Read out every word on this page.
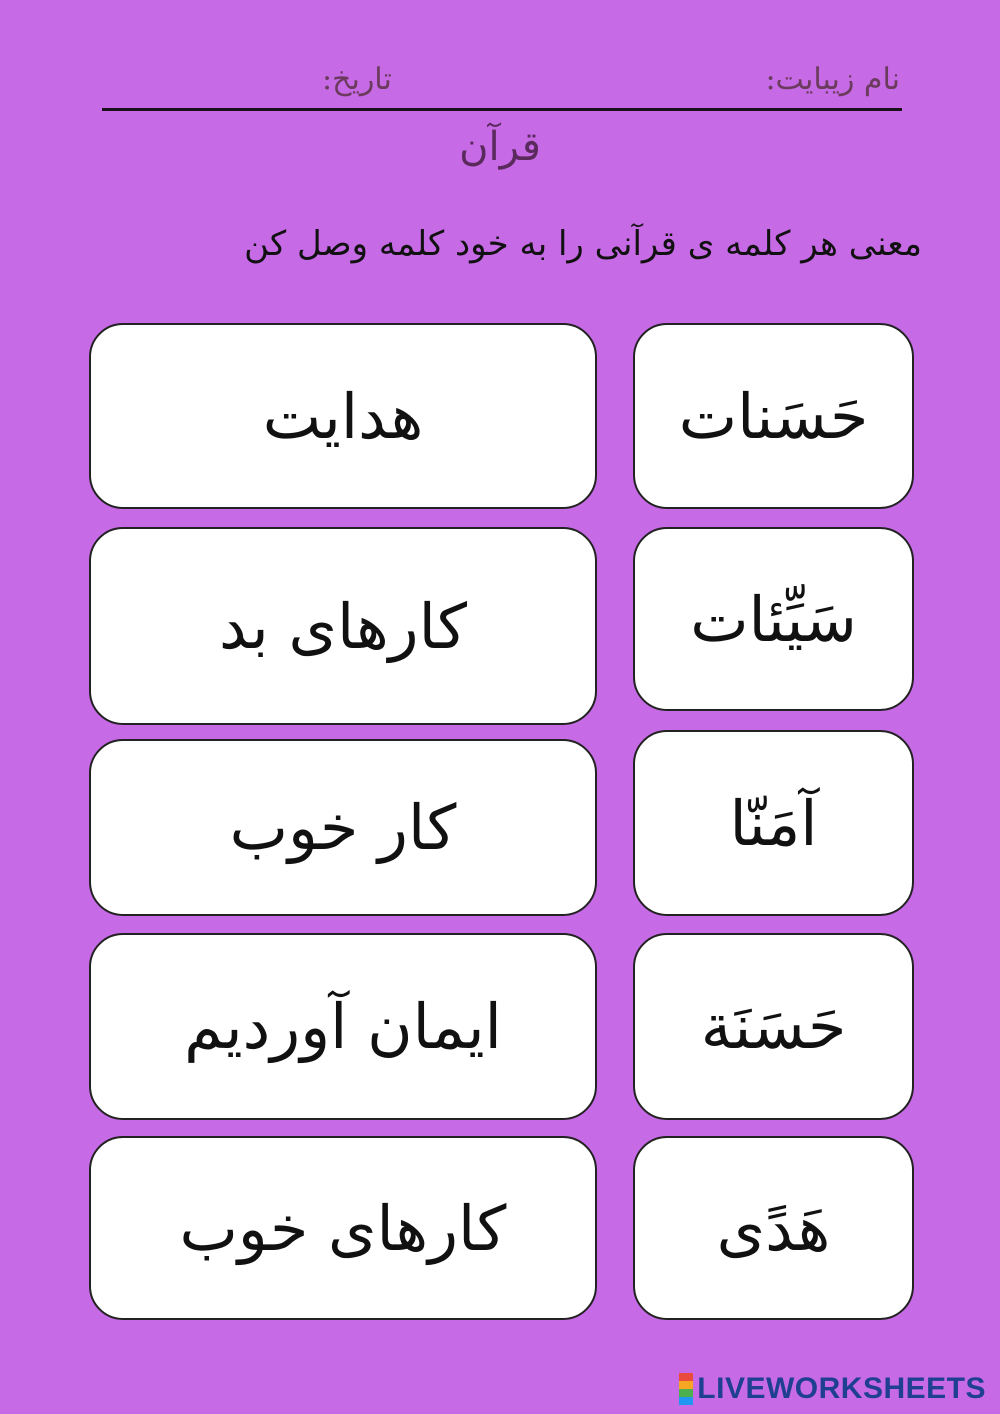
نام زیبایت:
تاریخ:
قرآن
معنی هر کلمه ی قرآنی را به خود کلمه وصل کن
هدایت
کارهای بد
کار خوب
ایمان آوردیم
کارهای خوب
حَسَنات
سَیِّئات
آمَنّا
حَسَنَة
هَدًی
LIVEWORKSHEETS
